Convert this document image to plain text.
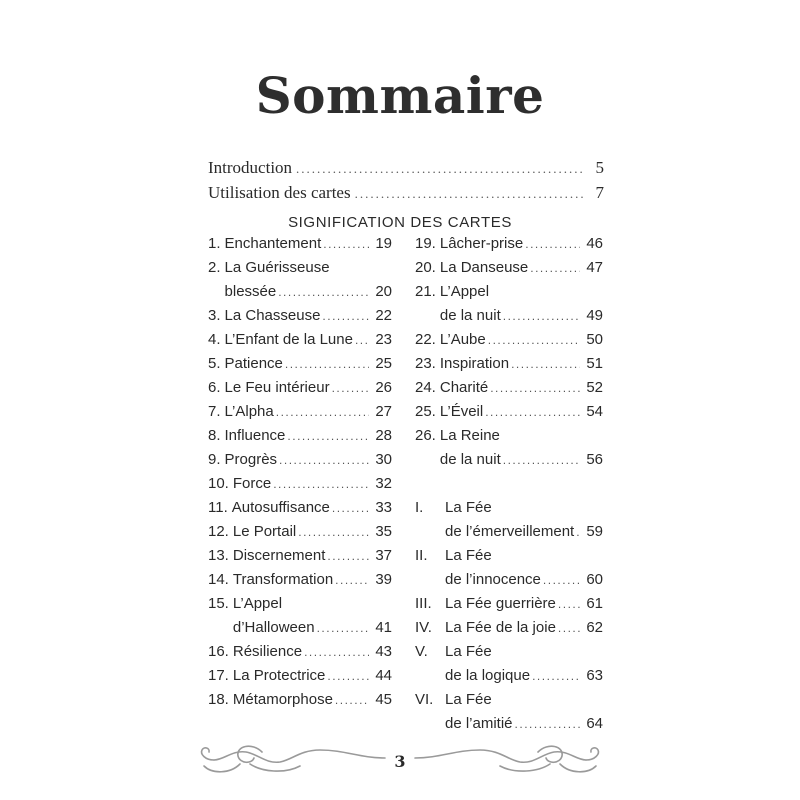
Sommaire
Introduction .....	5
Utilisation des cartes .....	7
SIGNIFICATION DES CARTES
1. Enchantement .....	19
2. La Guérisseuse
blessée .....	20
3. La Chasseuse .....	22
4. L’Enfant de la Lune ..... 23
5. Patience .....	25
6. Le Feu intérieur .....	26
7. L’Alpha .....	27
8. Influence .....	28
9. Progrès .....	30
10. Force .....	32
11. Autosuffisance .....	33
12. Le Portail .....	35
13. Discernement .....	37
14. Transformation .....	39
15. L’Appel
d’Halloween .....	41
16. Résilience .....	43
17. La Protectrice .....	44
18. Métamorphose .....	45
19. Lâcher-prise .....	46
20. La Danseuse .....	47
21. L’Appel
de la nuit .....	49
22. L’Aube .....	50
23. Inspiration .....	51
24. Charité .....	52
25. L’Éveil .....	54
26. La Reine
de la nuit .....	56
I.	La Fée
de l’émerveillement ..... 59
II.	La Fée
de l’innocence .....	60
III. La Fée guerrière ..... 61
IV. La Fée de la joie ..... 62
V.	La Fée
de la logique .....	63
VI. La Fée
de l’amitié .....	64
3
